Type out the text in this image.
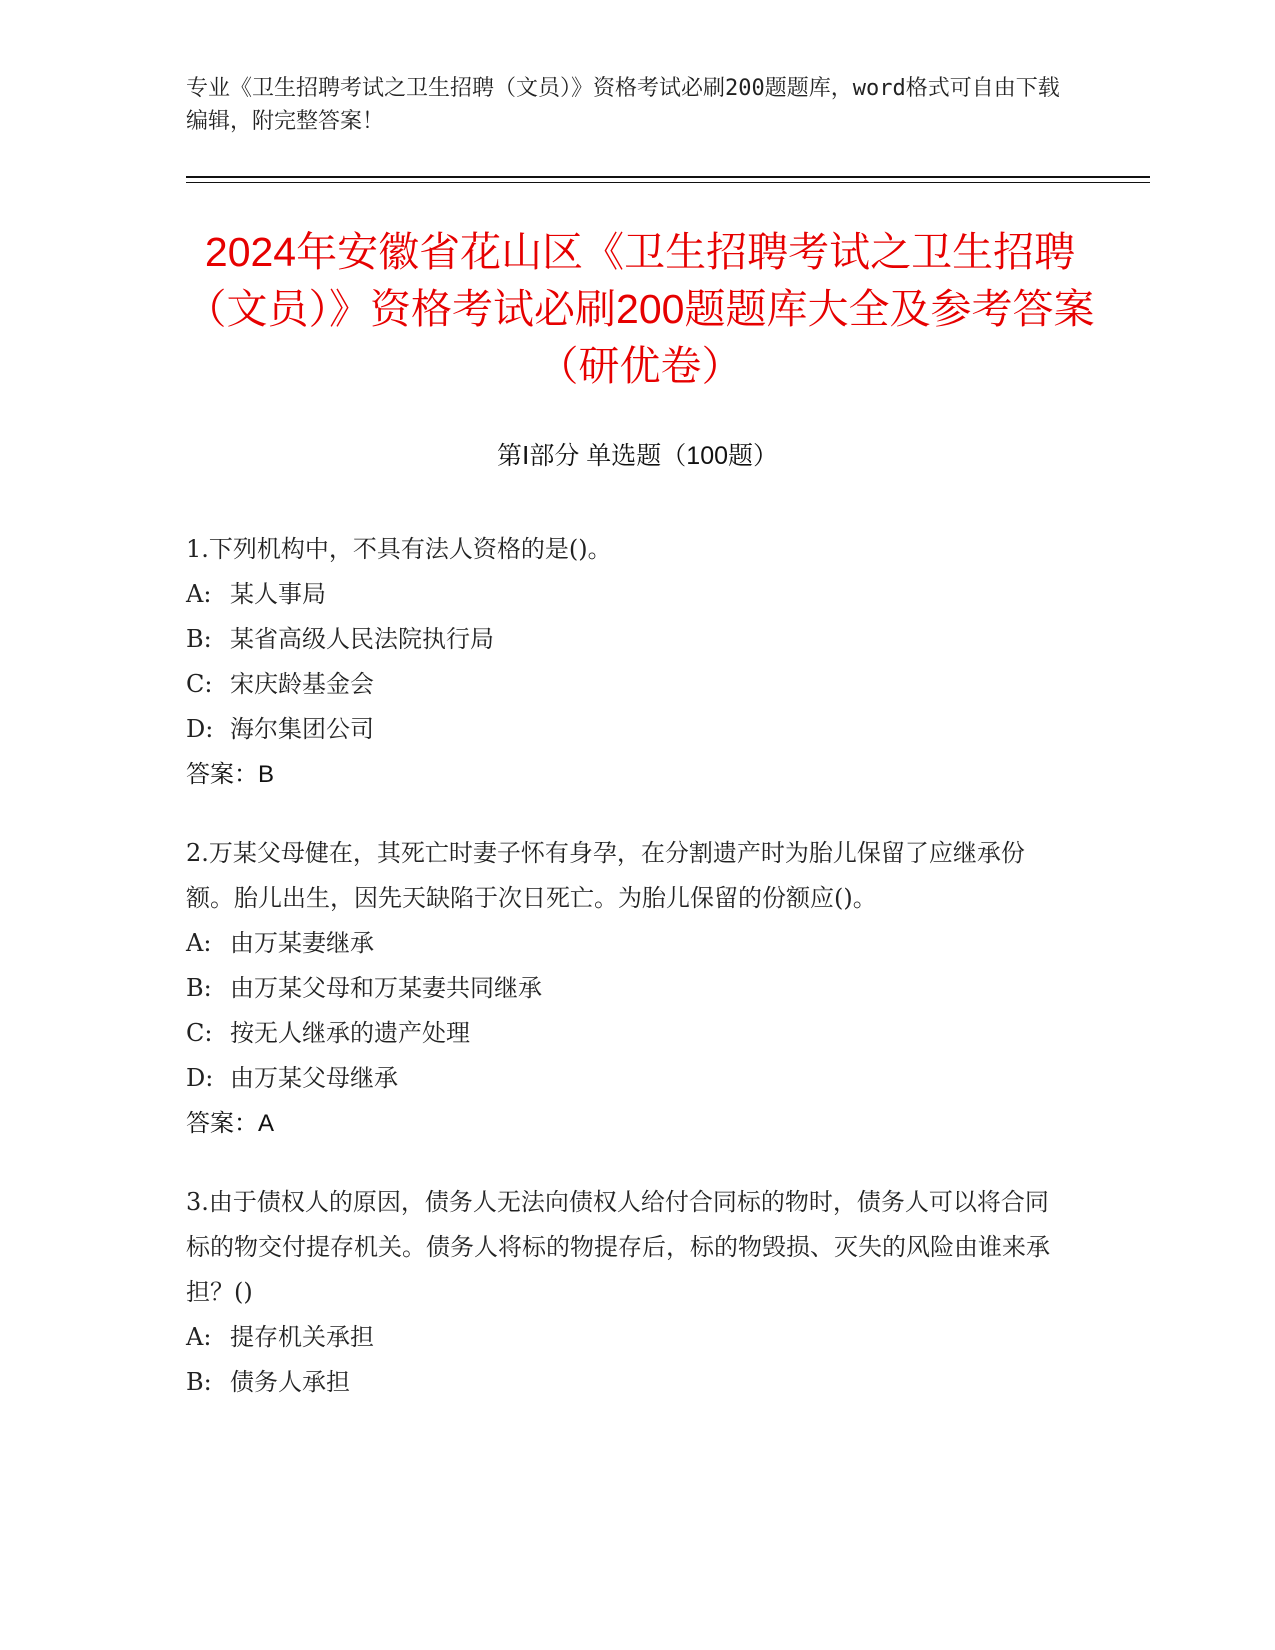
专业《卫生招聘考试之卫生招聘（文员）》资格考试必刷200题题库，word格式可自由下载编辑，附完整答案！
2024年安徽省花山区《卫生招聘考试之卫生招聘（文员）》资格考试必刷200题题库大全及参考答案（研优卷）
第Ⅰ部分 单选题（100题）
1.下列机构中，不具有法人资格的是()。
A: 某人事局
B: 某省高级人民法院执行局
C: 宋庆龄基金会
D: 海尔集团公司
答案：B
2.万某父母健在，其死亡时妻子怀有身孕，在分割遗产时为胎儿保留了应继承份额。胎儿出生，因先天缺陷于次日死亡。为胎儿保留的份额应()。
A: 由万某妻继承
B: 由万某父母和万某妻共同继承
C: 按无人继承的遗产处理
D: 由万某父母继承
答案：A
3.由于债权人的原因，债务人无法向债权人给付合同标的物时，债务人可以将合同标的物交付提存机关。债务人将标的物提存后，标的物毁损、灭失的风险由谁来承担？()
A: 提存机关承担
B: 债务人承担
